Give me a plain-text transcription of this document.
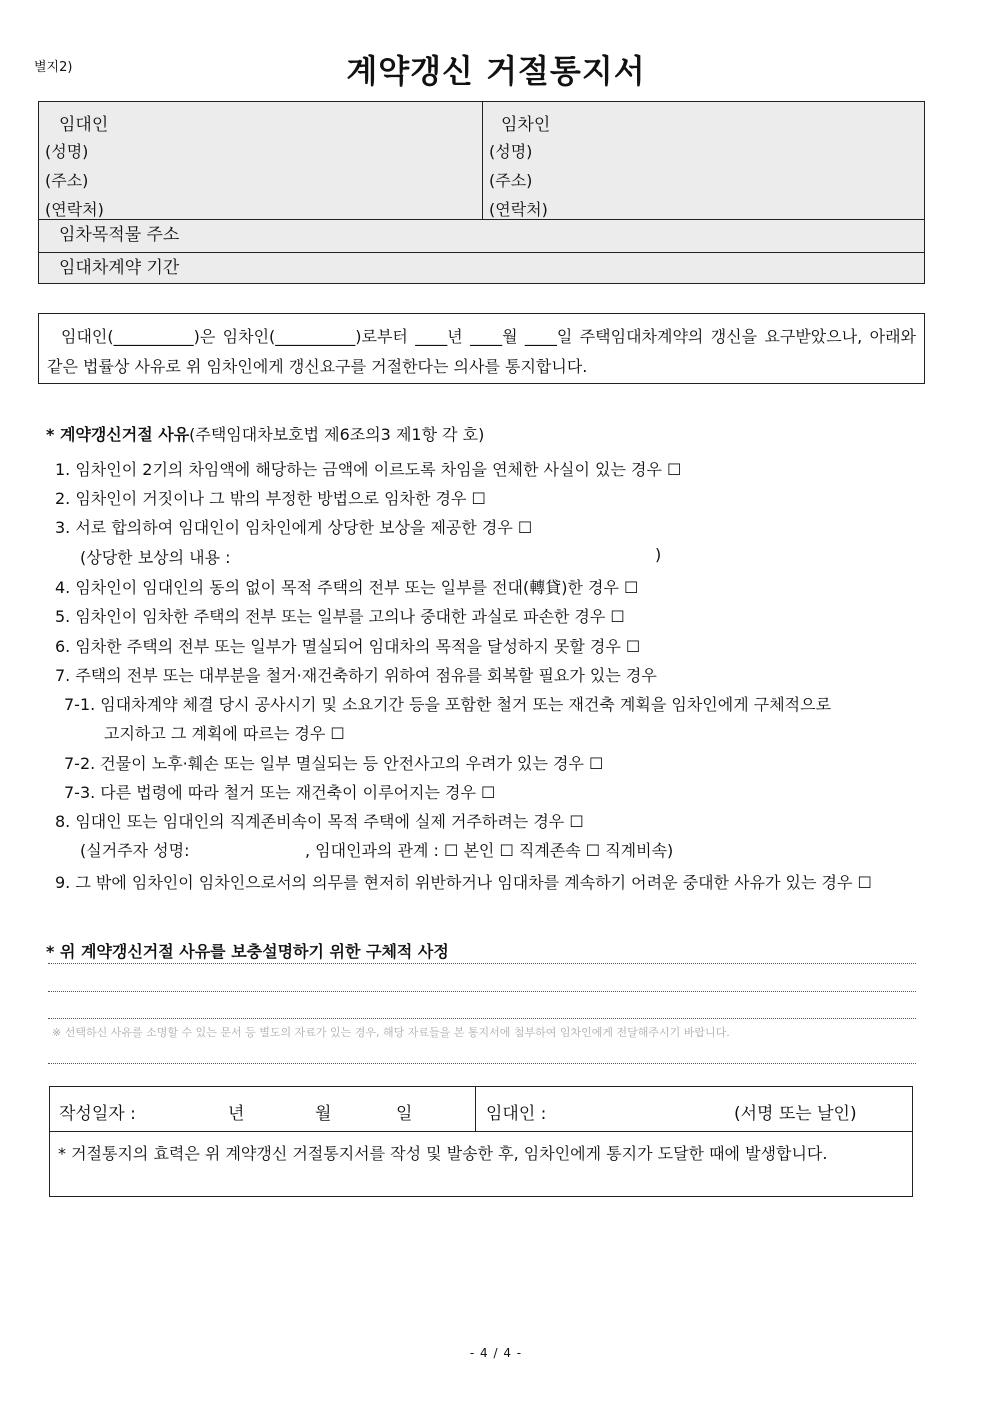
별지2)	계약갱신 거절통지서
임대인
(성명)
(주소)
(연락처)
임차인
(성명)
(주소)
(연락처)
임차목적물 주소
임대차계약 기간
임대인(__________)은 임차인(__________)로부터 ____년 ____월 ____일 주택임대차계약의 갱신을 요구받았으나, 아래와 같은 법률상 사유로 위 임차인에게 갱신요구를 거절한다는 의사를 통지합니다.
* 계약갱신거절 사유(주택임대차보호법 제6조의3 제1항 각 호)
1. 임차인이 2기의 차임액에 해당하는 금액에 이르도록 차임을 연체한 사실이 있는 경우 ☐
2. 임차인이 거짓이나 그 밖의 부정한 방법으로 임차한 경우 ☐
3. 서로 합의하여 임대인이 임차인에게 상당한 보상을 제공한 경우 ☐
(상당한 보상의 내용 :	)
4. 임차인이 임대인의 동의 없이 목적 주택의 전부 또는 일부를 전대(轉貸)한 경우 ☐
5. 임차인이 임차한 주택의 전부 또는 일부를 고의나 중대한 과실로 파손한 경우 ☐
6. 임차한 주택의 전부 또는 일부가 멸실되어 임대차의 목적을 달성하지 못할 경우 ☐
7. 주택의 전부 또는 대부분을 철거·재건축하기 위하여 점유를 회복할 필요가 있는 경우
7-1. 임대차계약 체결 당시 공사시기 및 소요기간 등을 포함한 철거 또는 재건축 계획을 임차인에게 구체적으로
고지하고 그 계획에 따르는 경우 ☐
7-2. 건물이 노후·훼손 또는 일부 멸실되는 등 안전사고의 우려가 있는 경우 ☐
7-3. 다른 법령에 따라 철거 또는 재건축이 이루어지는 경우 ☐
8. 임대인 또는 임대인의 직계존비속이 목적 주택에 실제 거주하려는 경우 ☐
(실거주자 성명:	, 임대인과의 관계 : ☐ 본인 ☐ 직계존속 ☐ 직계비속)
9. 그 밖에 임차인이 임차인으로서의 의무를 현저히 위반하거나 임대차를 계속하기 어려운 중대한 사유가 있는 경우 ☐
* 위 계약갱신거절 사유를 보충설명하기 위한 구체적 사정
※ 선택하신 사유를 소명할 수 있는 문서 등 별도의 자료가 있는 경우, 해당 자료들을 본 통지서에 첨부하여 임차인에게 전달해주시기 바랍니다.
작성일자 :	년	월	일	임대인 :	(서명 또는 날인)
* 거절통지의 효력은 위 계약갱신 거절통지서를 작성 및 발송한 후, 임차인에게 통지가 도달한 때에 발생합니다.
- 4 / 4 -
